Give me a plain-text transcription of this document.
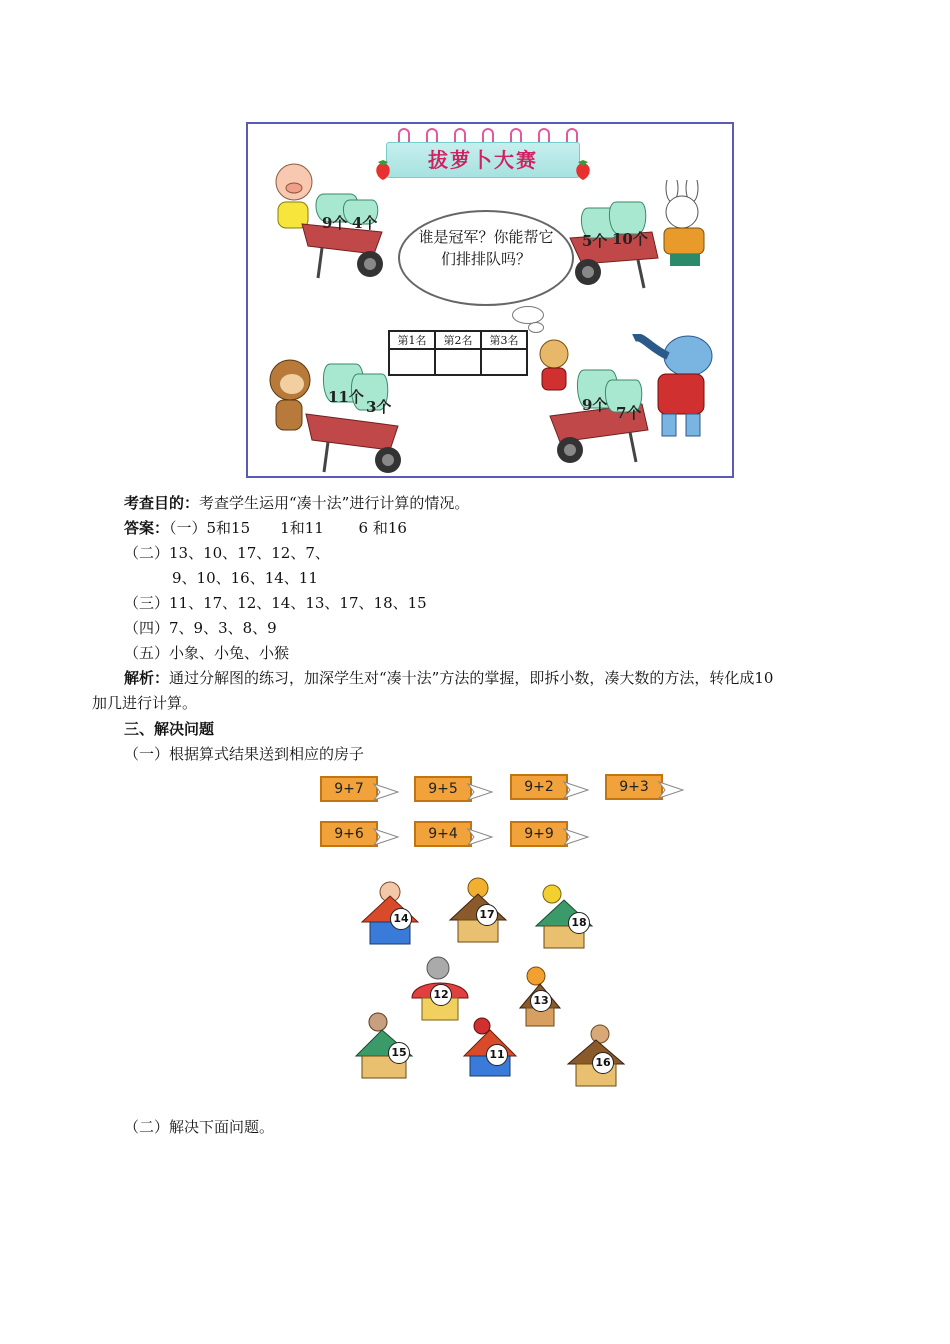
拔萝卜大赛
谁是冠军？你能帮它们排排队吗？
第1名	第2名	第3名

9个 4个
5个 10个
11个
3个	9个 7个
考查目的：考查学生运用“凑十法”进行计算的情况。
答案：（一）5和15　　1和11　　 6 和16
（二）13、10、17、12、7、
9、10、16、14、11
（三）11、17、12、14、13、17、18、15
（四）7、9、3、8、9
（五）小象、小兔、小猴
解析：通过分解图的练习，加深学生对“凑十法”方法的掌握，即拆小数，凑大数的方法，转化成10
加几进行计算。
三、解决问题
（一）根据算式结果送到相应的房子
9+7	9+5	9+2	9+3
9+6	9+4	9+9
14	17
18
12	13
15	11
16
（二）解决下面问题。
